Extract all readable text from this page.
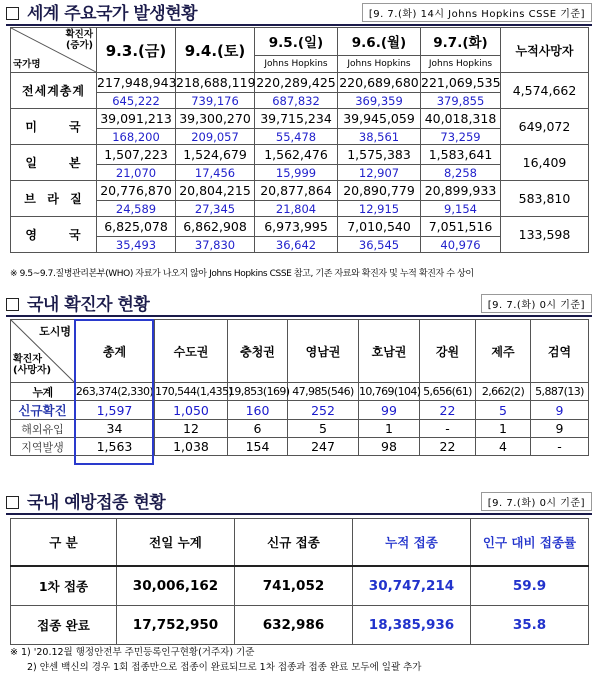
세계 주요국가 발생현황	[9. 7.(화) 14시 Johns Hopkins CSSE 기준]
확진자
(증가)
국가명	9.3.(금)	9.4.(토)	9.5.(일)	9.6.(월)	9.7.(화)	누적사망자
			Johns Hopkins	Johns Hopkins	Johns Hopkins	
전세계총계	217,948,943	218,688,119	220,289,425	220,689,680	221,069,535	4,574,662
	645,222	739,176	687,832	369,359	379,855	
미      국	39,091,213	39,300,270	39,715,234	39,945,059	40,018,318	649,072
	168,200	209,057	55,478	38,561	73,259	
일      본	1,507,223	1,524,679	1,562,476	1,575,383	1,583,641	16,409
	21,070	17,456	15,999	12,907	8,258	
브  라  질	20,776,870	20,804,215	20,877,864	20,890,779	20,899,933	583,810
	24,589	27,345	21,804	12,915	9,154	
영      국	6,825,078	6,862,908	6,973,995	7,010,540	7,051,516	133,598
	35,493	37,830	36,642	36,545	40,976	
※ 9.5~9.7.질병관리본부(WHO) 자료가 나오지 않아 Johns Hopkins CSSE 참고, 기존 자료와 확진자 및 누적 확진자 수 상이
국내 확진자 현황	[9. 7.(화) 0시 기준]
도시명
확진자
(사망자)	총계	수도권	충청권	영남권	호남권	강원	제주	검역
누계	263,374(2,330)	170,544(1,435)	19,853(169)	47,985(546)	10,769(104)	5,656(61)	2,662(2)	5,887(13)
신규확진	1,597	1,050	160	252	99	22	5	9
해외유입	34	12	6	5	1	-	1	9
지역발생	1,563	1,038	154	247	98	22	4	-
국내 예방접종 현황	[9. 7.(화) 0시 기준]
구 분	전일 누계	신규 접종	누적 접종	인구 대비 접종률
1차 접종	30,006,162	741,052	30,747,214	59.9
접종 완료	17,752,950	632,986	18,385,936	35.8
※ 1) '20.12월 행정안전부 주민등록인구현황(거주자) 기준
2) 얀센 백신의 경우 1회 접종만으로 접종이 완료되므로 1차 접종과 접종 완료 모두에 일괄 추가
